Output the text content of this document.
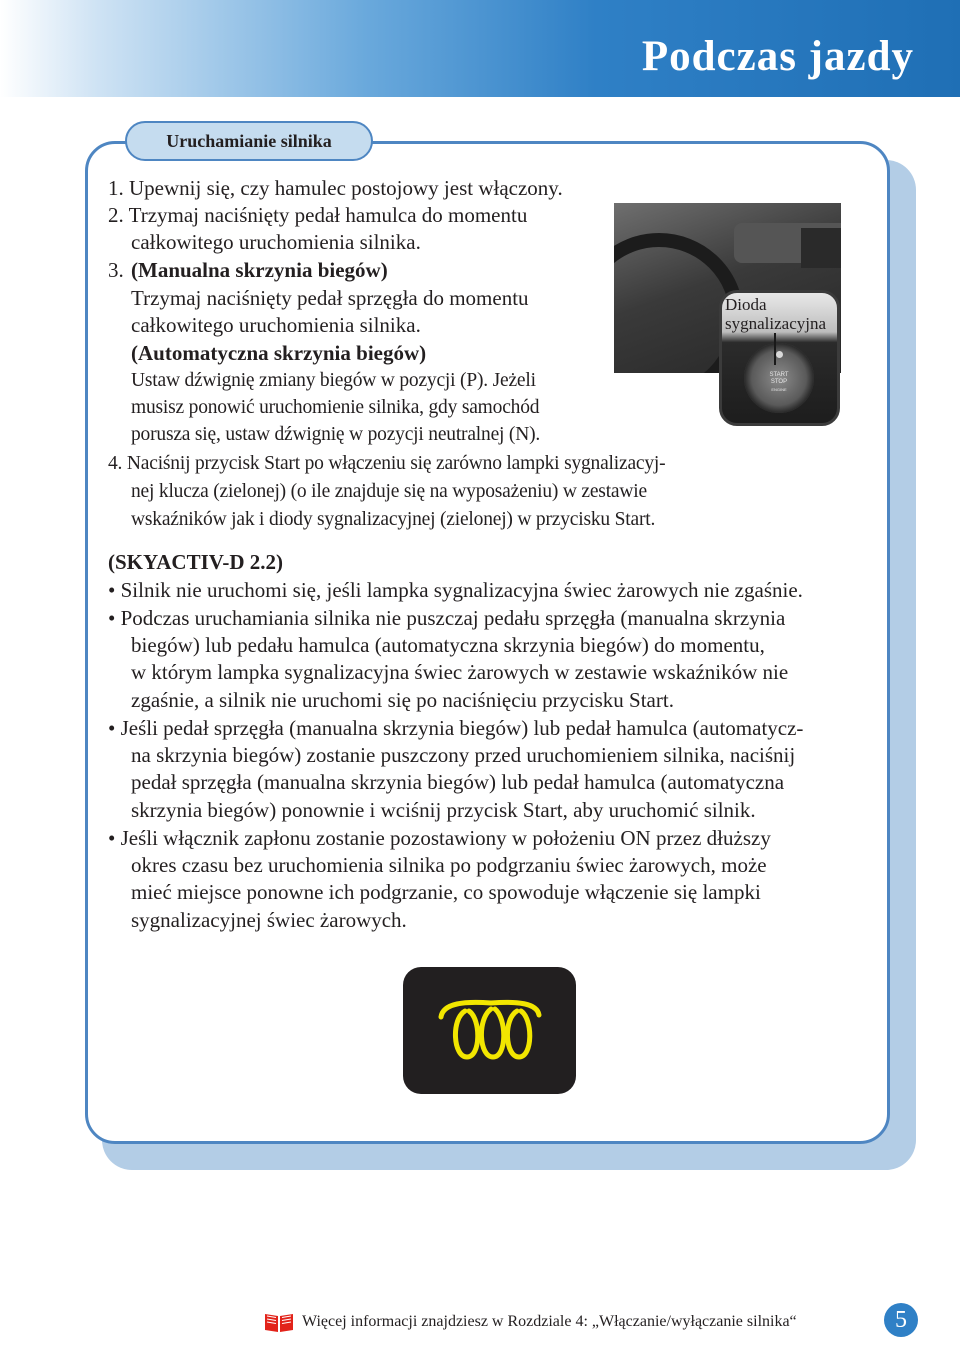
Podczas jazdy
Uruchamianie silnika
1. Upewnij się, czy hamulec postojowy jest włączony.
2. Trzymaj naciśnięty pedał hamulca do momentu
całkowitego uruchomienia silnika.
3. (Manualna skrzynia biegów)
Trzymaj naciśnięty pedał sprzęgła do momentu
całkowitego uruchomienia silnika.
(Automatyczna skrzynia biegów)
Ustaw dźwignię zmiany biegów w pozycji (P). Jeżeli
musisz ponowić uruchomienie silnika, gdy samochód
porusza się, ustaw dźwignię w pozycji neutralnej (N).
4. Naciśnij przycisk Start po włączeniu się zarówno lampki sygnalizacyj-
nej klucza (zielonej) (o ile znajduje się na wyposażeniu) w zestawie
wskaźników jak i diody sygnalizacyjnej (zielonej) w przycisku Start.
START
STOP
ENGINE
Dioda
sygnalizacyjna
(SKYACTIV-D 2.2)
• Silnik nie uruchomi się, jeśli lampka sygnalizacyjna świec żarowych nie zgaśnie.
• Podczas uruchamiania silnika nie puszczaj pedału sprzęgła (manualna skrzynia
biegów) lub pedału hamulca (automatyczna skrzynia biegów) do momentu,
w którym lampka sygnalizacyjna świec żarowych w zestawie wskaźników nie
zgaśnie, a silnik nie uruchomi się po naciśnięciu przycisku Start.
• Jeśli pedał sprzęgła (manualna skrzynia biegów) lub pedał hamulca (automatycz-
na skrzynia biegów) zostanie puszczony przed uruchomieniem silnika, naciśnij
pedał sprzęgła (manualna skrzynia biegów) lub pedał hamulca (automatyczna
skrzynia biegów) ponownie i wciśnij przycisk Start, aby uruchomić silnik.
• Jeśli włącznik zapłonu zostanie pozostawiony w położeniu ON przez dłuższy
okres czasu bez uruchomienia silnika po podgrzaniu świec żarowych, może
mieć miejsce ponowne ich podgrzanie, co spowoduje włączenie się lampki
sygnalizacyjnej świec żarowych.
Więcej informacji znajdziesz w Rozdziale 4: „Włączanie/wyłączanie silnika“	5
